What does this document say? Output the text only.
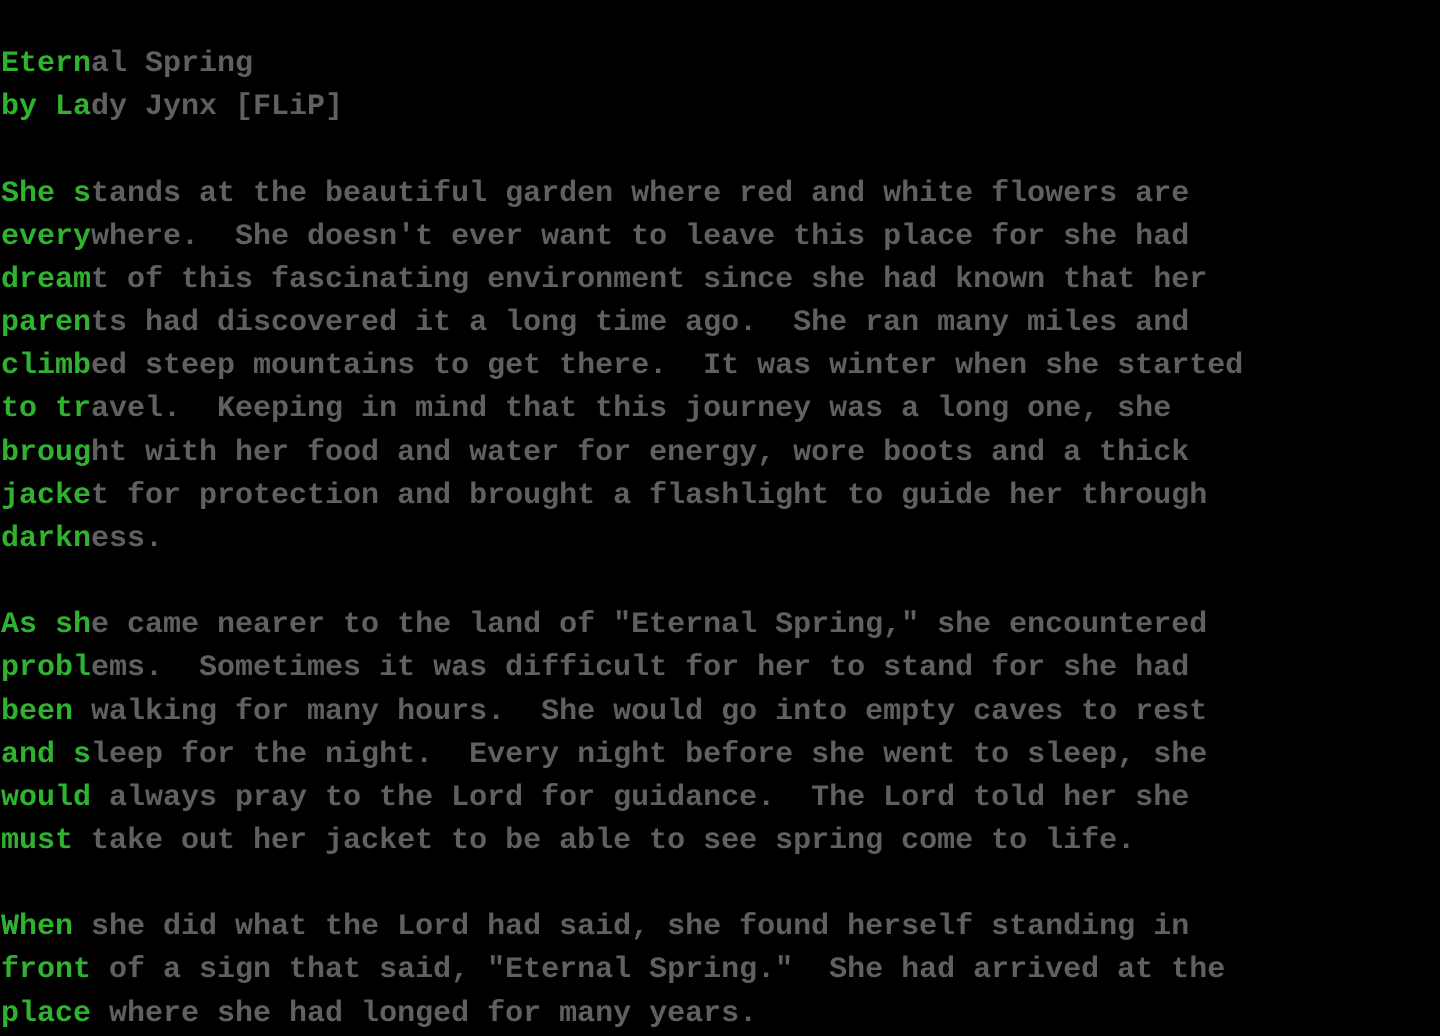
Eternal Spring
by Lady Jynx [FLiP]
She stands at the beautiful garden where red and white flowers are
everywhere.  She doesn't ever want to leave this place for she had
dreamt of this fascinating environment since she had known that her
parents had discovered it a long time ago.  She ran many miles and
climbed steep mountains to get there.  It was winter when she started
to travel.  Keeping in mind that this journey was a long one, she
brought with her food and water for energy, wore boots and a thick
jacket for protection and brought a flashlight to guide her through
darkness.
As she came nearer to the land of "Eternal Spring," she encountered
problems.  Sometimes it was difficult for her to stand for she had
been walking for many hours.  She would go into empty caves to rest
and sleep for the night.  Every night before she went to sleep, she
would always pray to the Lord for guidance.  The Lord told her she
must take out her jacket to be able to see spring come to life.
When she did what the Lord had said, she found herself standing in
front of a sign that said, "Eternal Spring."  She had arrived at the
place where she had longed for many years.
